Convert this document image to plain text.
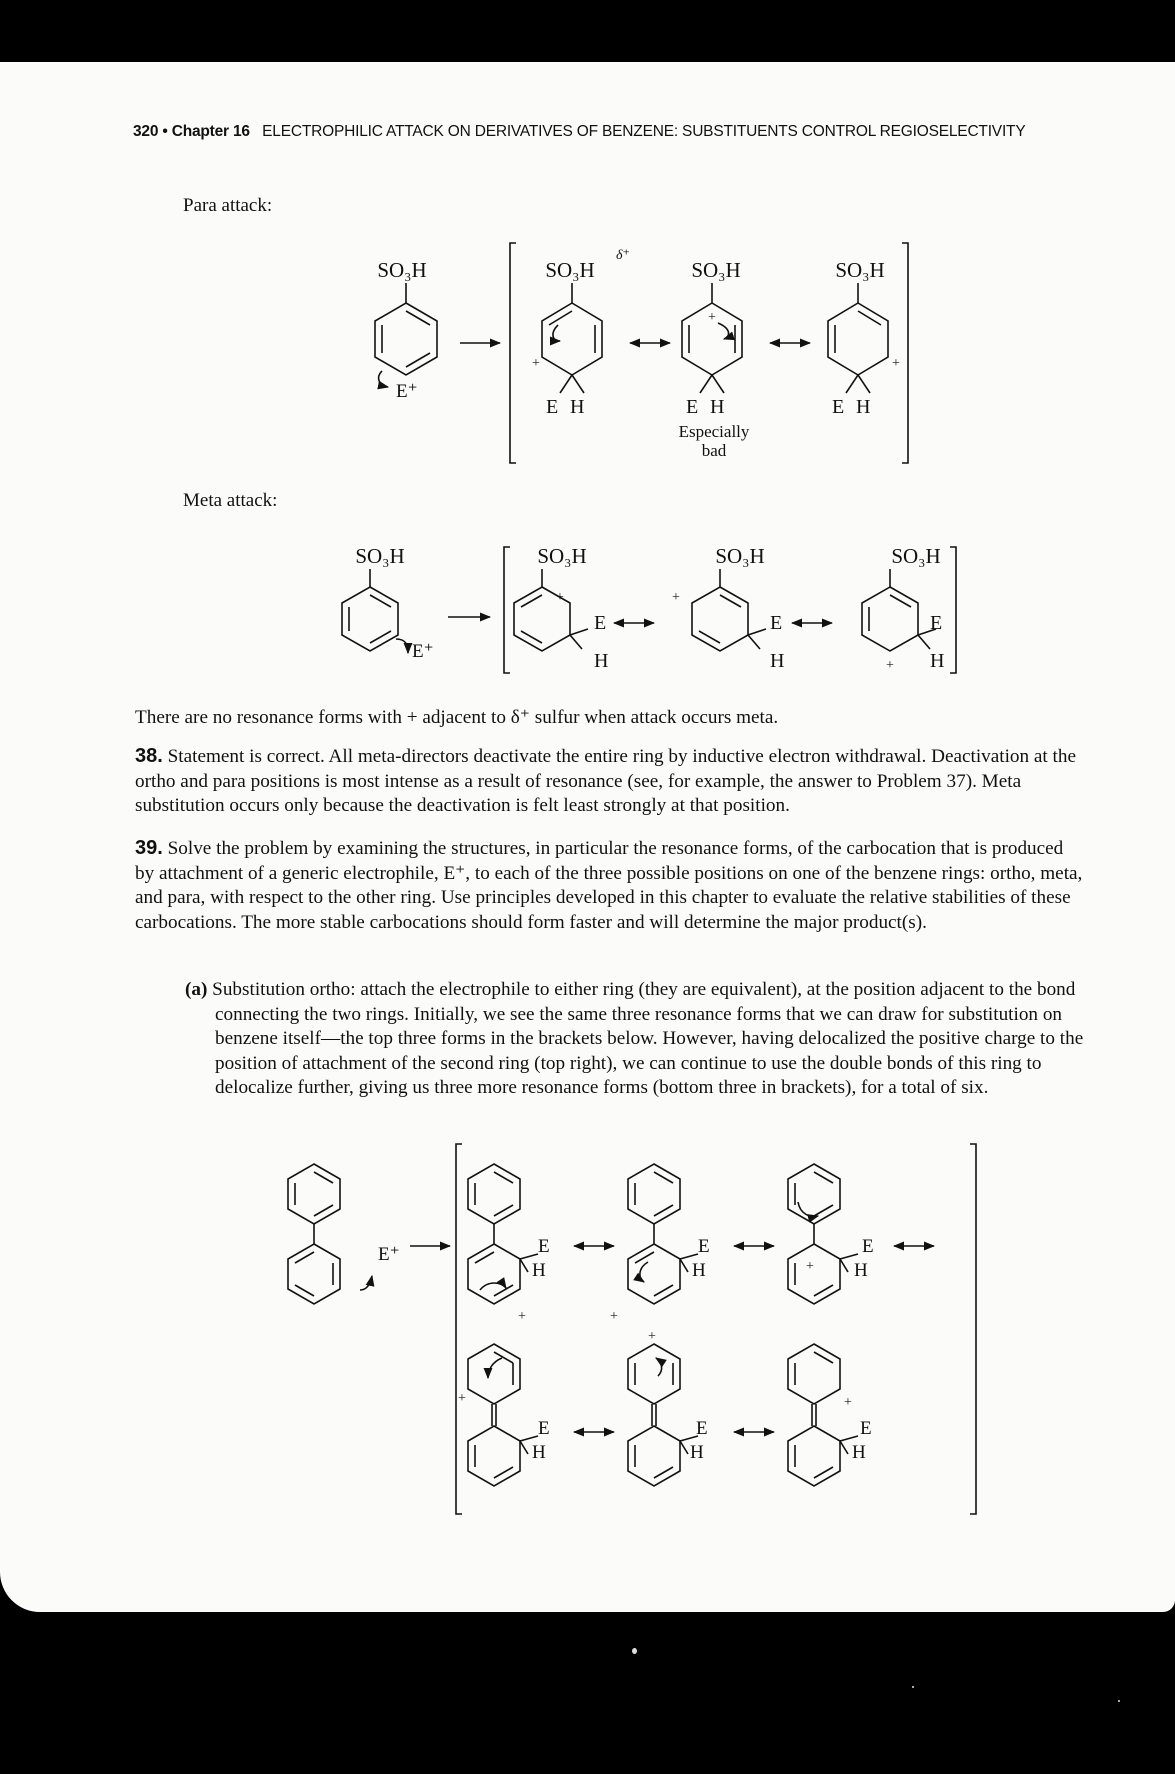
320 • Chapter 16 ELECTROPHILIC ATTACK ON DERIVATIVES OF BENZENE: SUBSTITUENTS CONTROL REGIOSELECTIVITY
Para attack:
SO₃H
E⁺
+
SO₃H
E H
+
δ⁺
SO₃H
E H
Especially
bad
+
SO₃H
E H
Meta attack:
SO₃H
E⁺
+
SO₃H
E
H
+
SO₃H
E
H	+
SO₃H
E
H
There are no resonance forms with + adjacent to δ⁺ sulfur when attack occurs meta.
38. Statement is correct. All meta-directors deactivate the entire ring by inductive electron withdrawal. Deactivation at the ortho and para positions is most intense as a result of resonance (see, for example, the answer to Problem 37). Meta substitution occurs only because the deactivation is felt least strongly at that position.
39. Solve the problem by examining the structures, in particular the resonance forms, of the carbocation that is produced by attachment of a generic electrophile, E⁺, to each of the three possible positions on one of the benzene rings: ortho, meta, and para, with respect to the other ring. Use principles developed in this chapter to evaluate the relative stabilities of these carbocations. The more stable carbocations should form faster and will determine the major product(s).
(a) Substitution ortho: attach the electrophile to either ring (they are equivalent), at the position adjacent to the bond connecting the two rings. Initially, we see the same three resonance forms that we can draw for substitution on benzene itself—the top three forms in the brackets below. However, having delocalized the positive charge to the position of attachment of the second ring (top right), we can continue to use the double bonds of this ring to delocalize further, giving us three more resonance forms (bottom three in brackets), for a total of six.
E⁺
+
E
H
+
E
H	+
E
H
+
E
H
+
E
H
+
E
H
